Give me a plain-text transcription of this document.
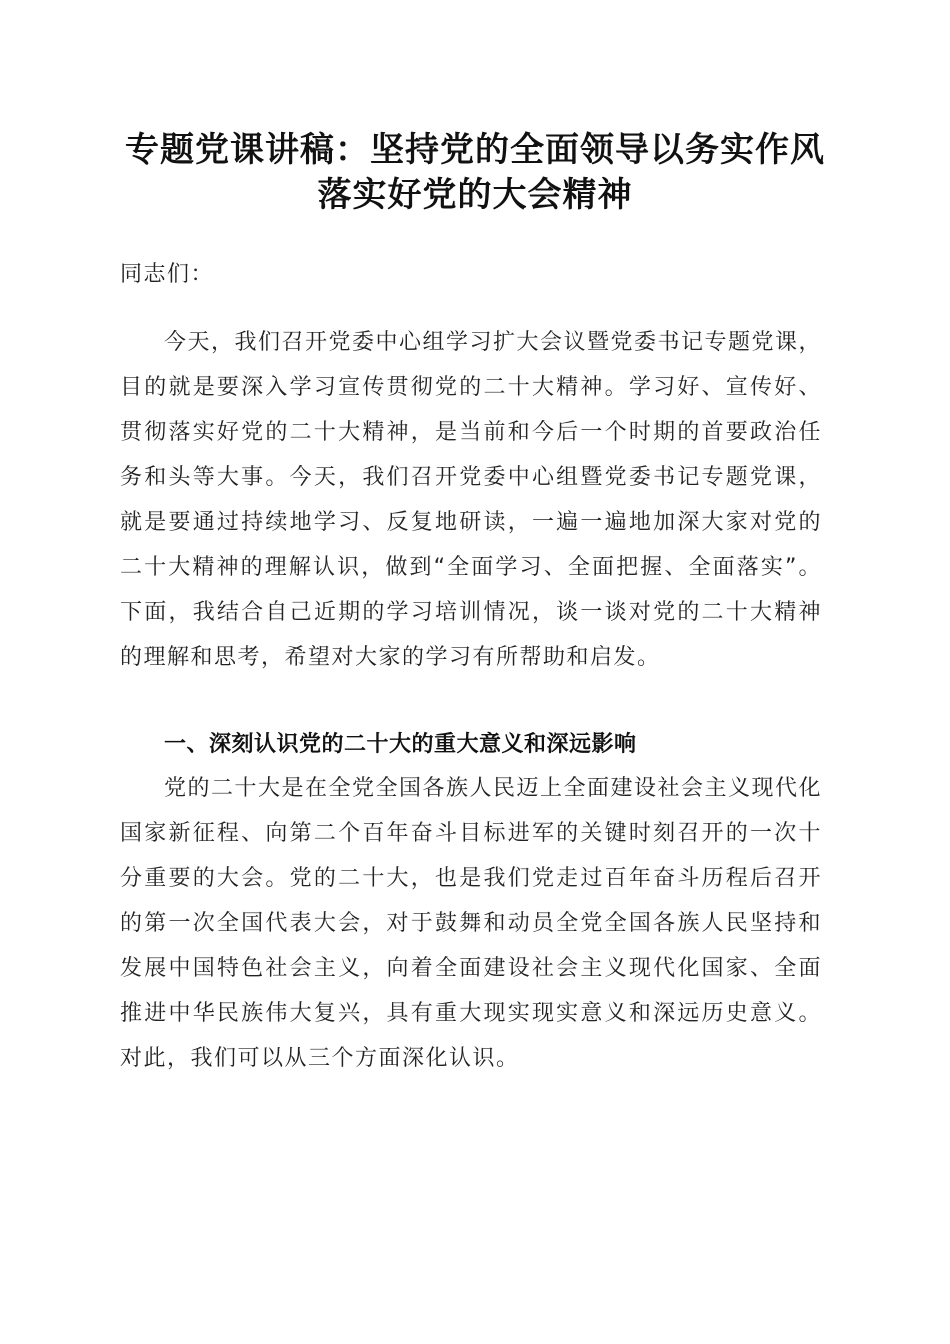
专题党课讲稿：坚持党的全面领导以务实作风
落实好党的大会精神
同志们：
今天，我们召开党委中心组学习扩大会议暨党委书记专题党课，目的就是要深入学习宣传贯彻党的二十大精神。学习好、宣传好、贯彻落实好党的二十大精神，是当前和今后一个时期的首要政治任务和头等大事。今天，我们召开党委中心组暨党委书记专题党课，就是要通过持续地学习、反复地研读，一遍一遍地加深大家对党的二十大精神的理解认识，做到“全面学习、全面把握、全面落实”。下面，我结合自己近期的学习培训情况，谈一谈对党的二十大精神的理解和思考，希望对大家的学习有所帮助和启发。
一、深刻认识党的二十大的重大意义和深远影响
党的二十大是在全党全国各族人民迈上全面建设社会主义现代化国家新征程、向第二个百年奋斗目标进军的关键时刻召开的一次十分重要的大会。党的二十大，也是我们党走过百年奋斗历程后召开的第一次全国代表大会，对于鼓舞和动员全党全国各族人民坚持和发展中国特色社会主义，向着全面建设社会主义现代化国家、全面推进中华民族伟大复兴，具有重大现实现实意义和深远历史意义。对此，我们可以从三个方面深化认识。
